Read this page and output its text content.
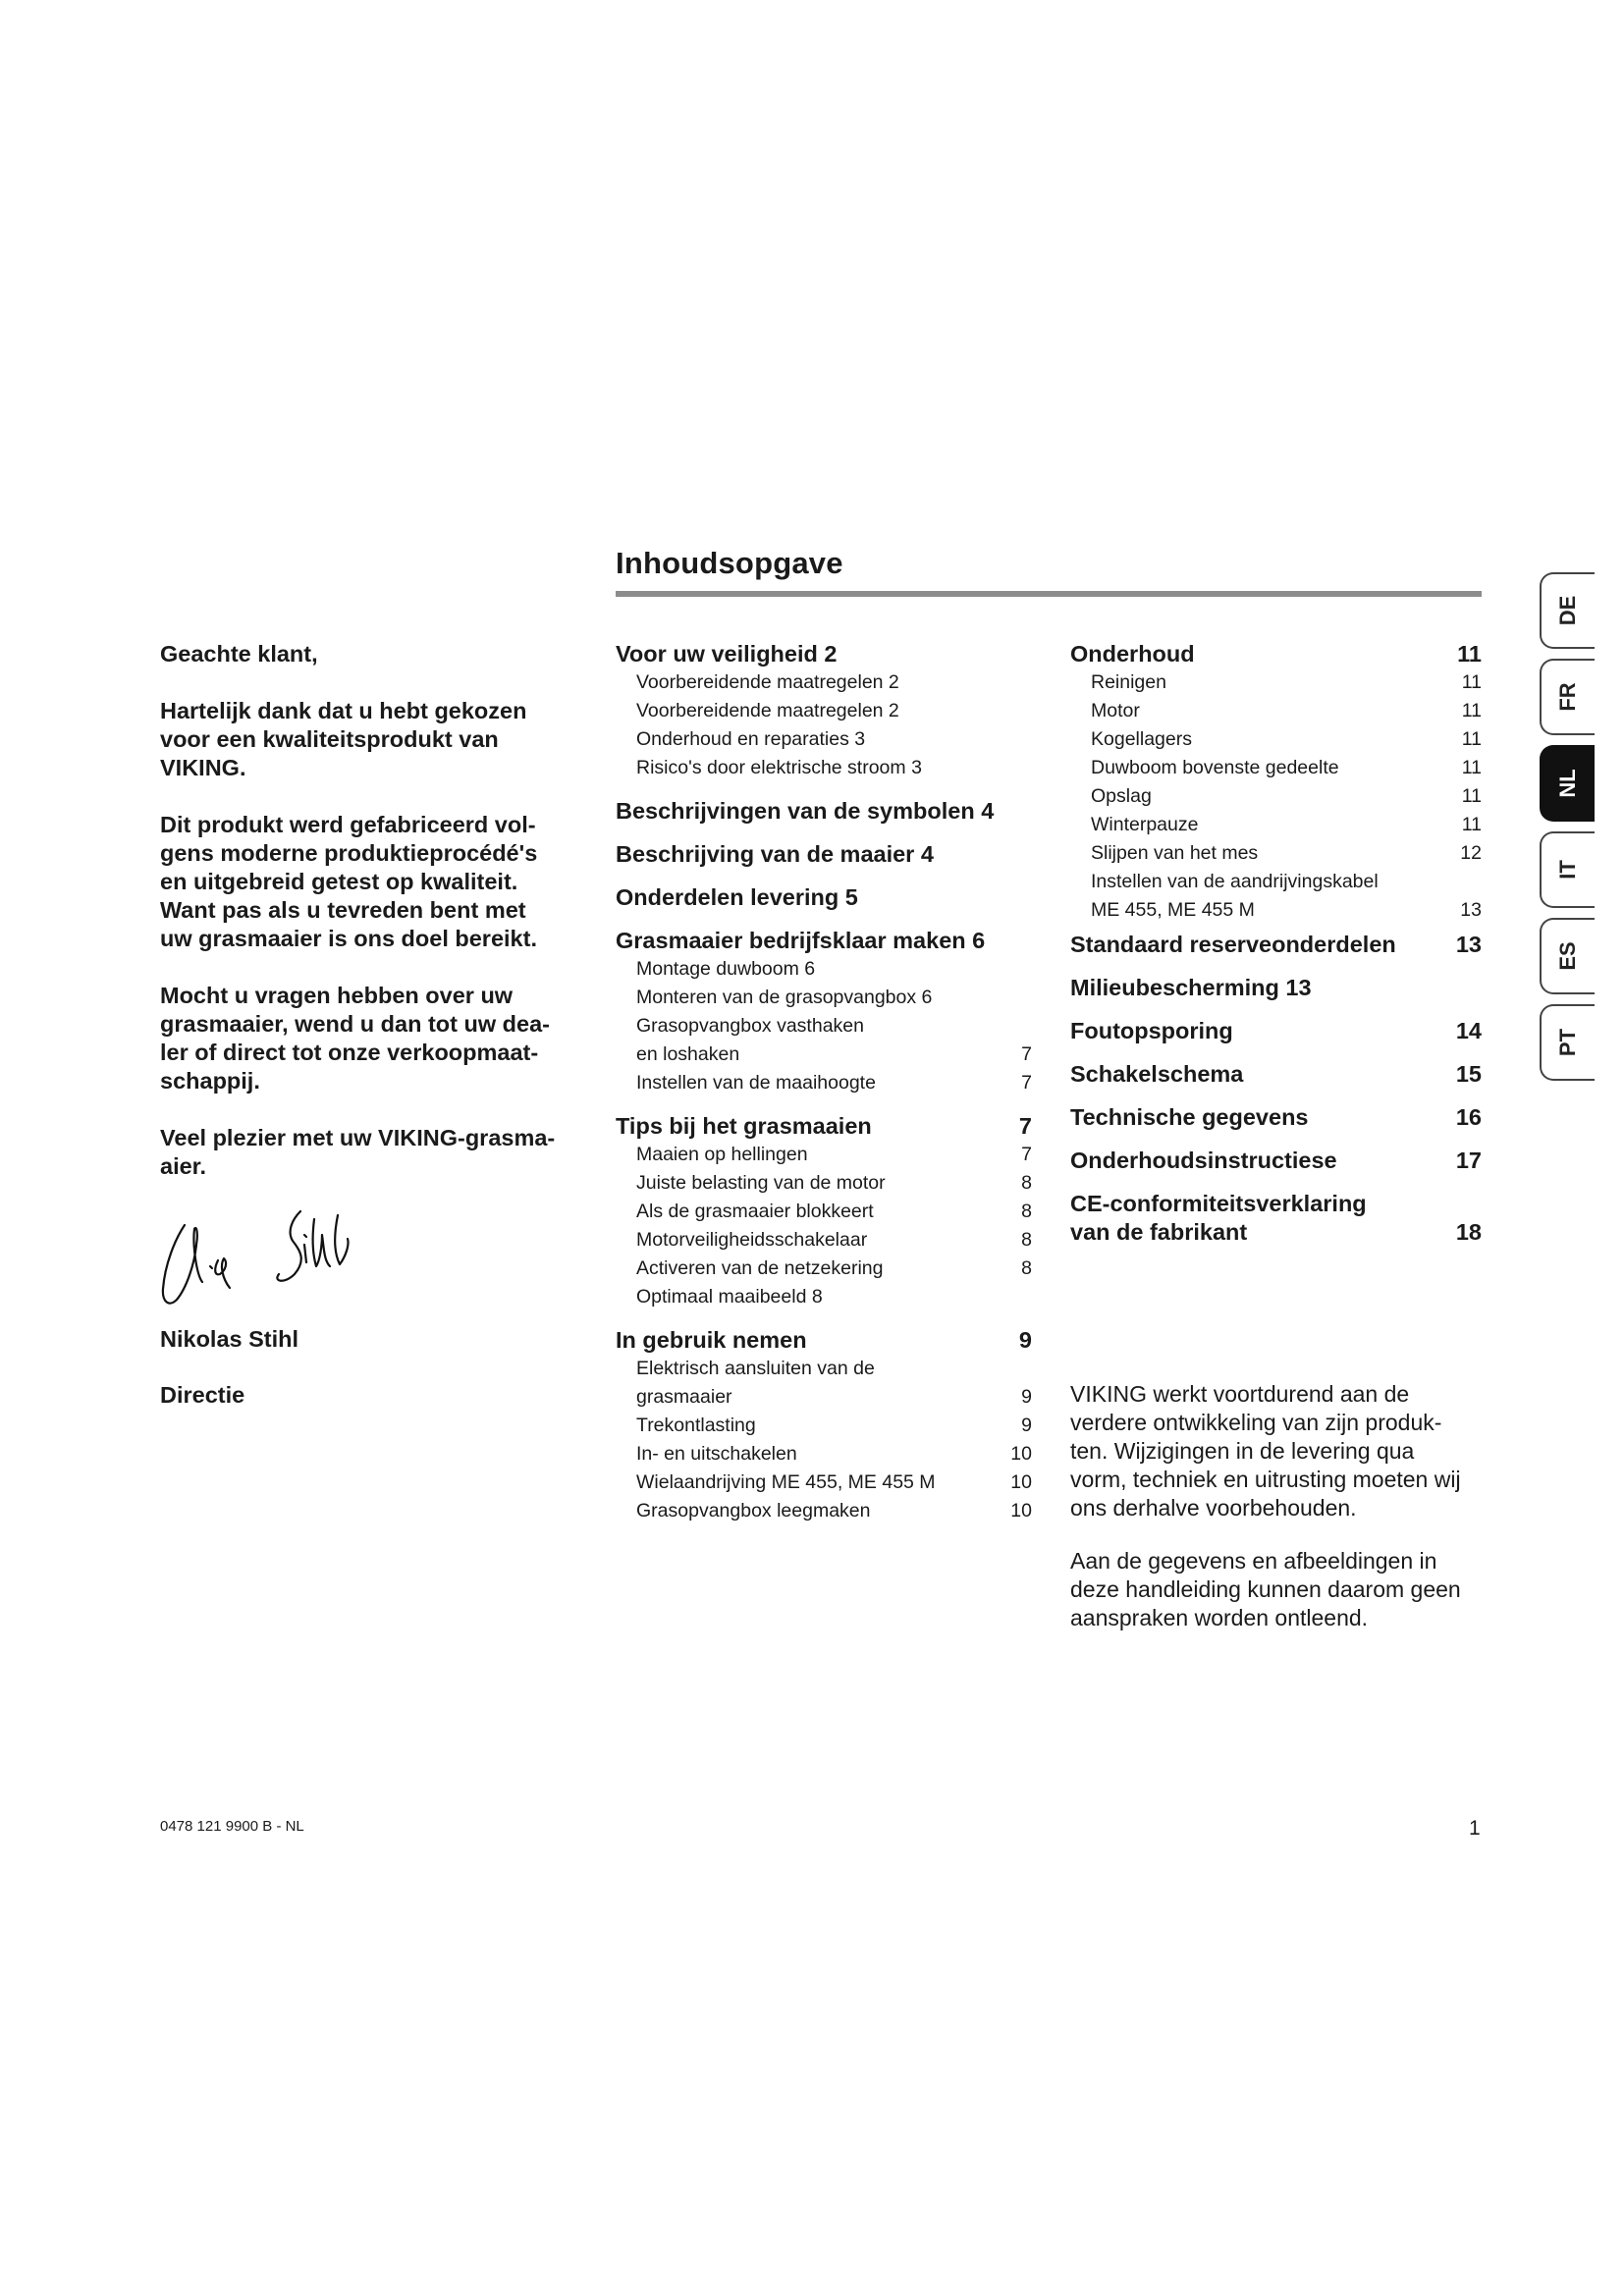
Inhoudsopgave
Geachte klant,
Hartelijk dank dat u hebt gekozen
voor een kwaliteitsprodukt van
VIKING.
Dit produkt werd gefabriceerd vol-
gens moderne produktieprocédé's
en uitgebreid getest op kwaliteit.
Want pas als u tevreden bent met
uw grasmaaier is ons doel bereikt.
Mocht u vragen hebben over uw
grasmaaier, wend u dan tot uw dea-
ler of direct tot onze verkoopmaat-
schappij.
Veel plezier met uw VIKING-grasma-
aier.
Nikolas Stihl
Directie
Voor uw veiligheid 2
Voorbereidende maatregelen 2
Voorbereidende maatregelen 2
Onderhoud en reparaties 3
Risico's door elektrische stroom 3
Beschrijvingen van de symbolen 4
Beschrijving van de maaier 4
Onderdelen levering 5
Grasmaaier bedrijfsklaar maken 6
Montage duwboom 6
Monteren van de grasopvangbox 6
Grasopvangbox vasthaken
en loshaken	7
Instellen van de maaihoogte	7
Tips bij het grasmaaien	7
Maaien op hellingen	7
Juiste belasting van de motor	8
Als de grasmaaier blokkeert	8
Motorveiligheidsschakelaar	8
Activeren van de netzekering	8
Optimaal maaibeeld 8
In gebruik nemen	9
Elektrisch aansluiten van de
grasmaaier	9
Trekontlasting	9
In- en uitschakelen	10
Wielaandrijving ME 455, ME 455 M	10
Grasopvangbox leegmaken	10
Onderhoud	11
Reinigen	11
Motor	11
Kogellagers	11
Duwboom bovenste gedeelte	11
Opslag	11
Winterpauze	11
Slijpen van het mes	12
Instellen van de aandrijvingskabel
ME 455, ME 455 M	13
Standaard reserveonderdelen	13
Milieubescherming 13
Foutopsporing	14
Schakelschema	15
Technische gegevens	16
Onderhoudsinstructiese	17
CE-conformiteitsverklaring
van de fabrikant	18

VIKING werkt voortdurend aan de
verdere ontwikkeling van zijn produk-
ten. Wijzigingen in de levering qua
vorm, techniek en uitrusting moeten wij
ons derhalve voorbehouden.

Aan de gegevens en afbeeldingen in
deze handleiding kunnen daarom geen
aanspraken worden ontleend.

DE
FR
NL
IT
ES
PT
0478 121 9900 B - NL	1
